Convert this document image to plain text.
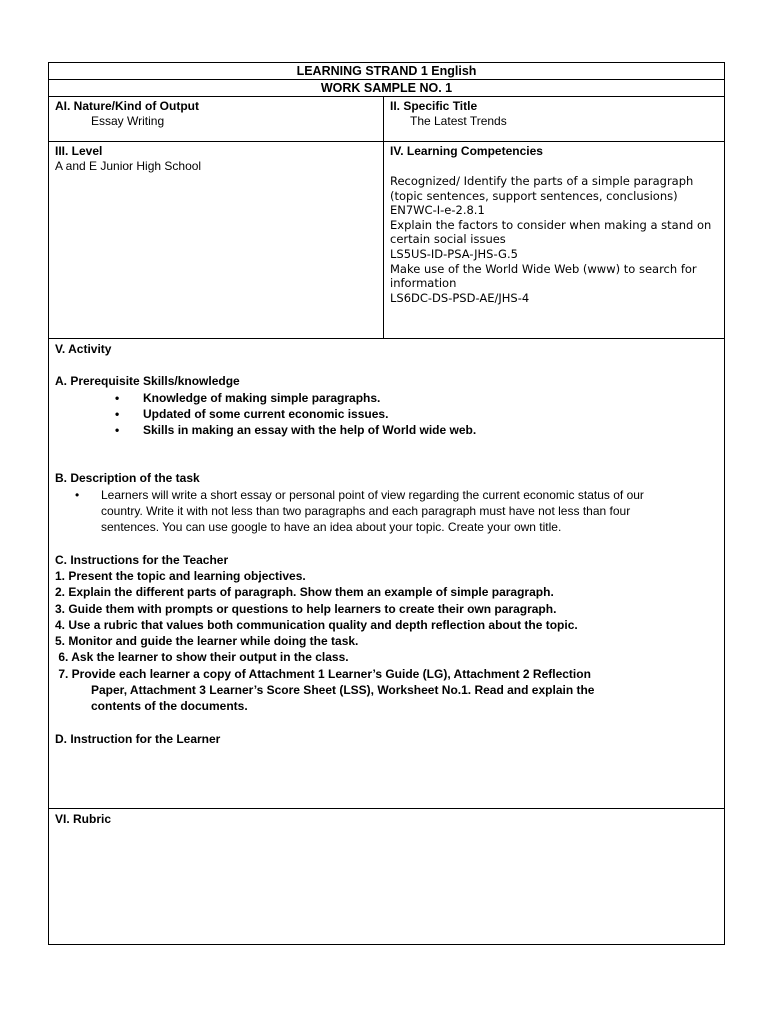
LEARNING STRAND 1 English
WORK SAMPLE NO. 1
AI. Nature/Kind of Output
Essay Writing
II. Specific Title
The Latest Trends
III. Level
A and E Junior High School
IV. Learning Competencies
Recognized/ Identify the parts of a simple paragraph
(topic sentences, support sentences, conclusions)
EN7WC-I-e-2.8.1
Explain the factors to consider when making a stand on
certain social issues
LS5US-ID-PSA-JHS-G.5
Make use of the World Wide Web (www) to search for
information
LS6DC-DS-PSD-AE/JHS-4
V. Activity
A. Prerequisite Skills/knowledge
• Knowledge of making simple paragraphs.
• Updated of some current economic issues.
• Skills in making an essay with the help of World wide web.
B. Description of the task
• Learners will write a short essay or personal point of view regarding the current economic status of our
country. Write it with not less than two paragraphs and each paragraph must have not less than four
sentences. You can use google to have an idea about your topic. Create your own title.
C. Instructions for the Teacher
1. Present the topic and learning objectives.
2. Explain the different parts of paragraph. Show them an example of simple paragraph.
3. Guide them with prompts or questions to help learners to create their own paragraph.
4. Use a rubric that values both communication quality and depth reflection about the topic.
5. Monitor and guide the learner while doing the task.
6. Ask the learner to show their output in the class.
7. Provide each learner a copy of Attachment 1 Learner’s Guide (LG), Attachment 2 Reflection
Paper, Attachment 3 Learner’s Score Sheet (LSS), Worksheet No.1. Read and explain the
contents of the documents.
D. Instruction for the Learner
VI. Rubric
